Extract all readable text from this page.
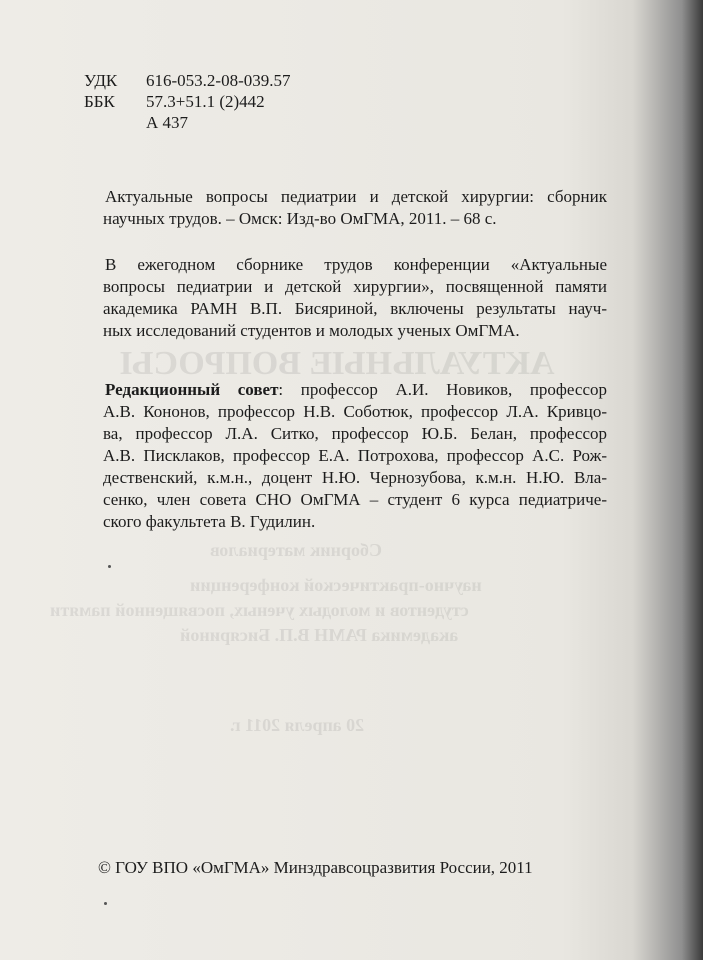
АКТУАЛЬНЫЕ ВОПРОСЫ
Сборник материалов
научно-практической конференции
студентов и молодых ученых, посвященной памяти
академика РАМН В.П. Бисяриной
20 апреля 2011 г.
УДК	616-053.2-08-039.57
ББК	57.3+51.1 (2)442
А 437
Актуальные вопросы педиатрии и детской хирургии: сборник
научных трудов. – Омск: Изд-во ОмГМА, 2011. – 68 с.
В ежегодном сборнике трудов конференции «Актуальные
вопросы педиатрии и детской хирургии», посвященной памяти
академика РАМН В.П. Бисяриной, включены результаты науч-
ных исследований студентов и молодых ученых ОмГМА.
Редакционный совет: профессор А.И. Новиков, профессор
А.В. Кононов, профессор Н.В. Соботюк, профессор Л.А. Кривцо-
ва, профессор Л.А. Ситко, профессор Ю.Б. Белан, профессор
А.В. Писклаков, профессор Е.А. Потрохова, профессор А.С. Рож-
дественский, к.м.н., доцент Н.Ю. Чернозубова, к.м.н. Н.Ю. Вла-
сенко, член совета СНО ОмГМА – студент 6 курса педиатриче-
ского факультета В. Гудилин.
© ГОУ ВПО «ОмГМА» Минздравсоцразвития России, 2011
